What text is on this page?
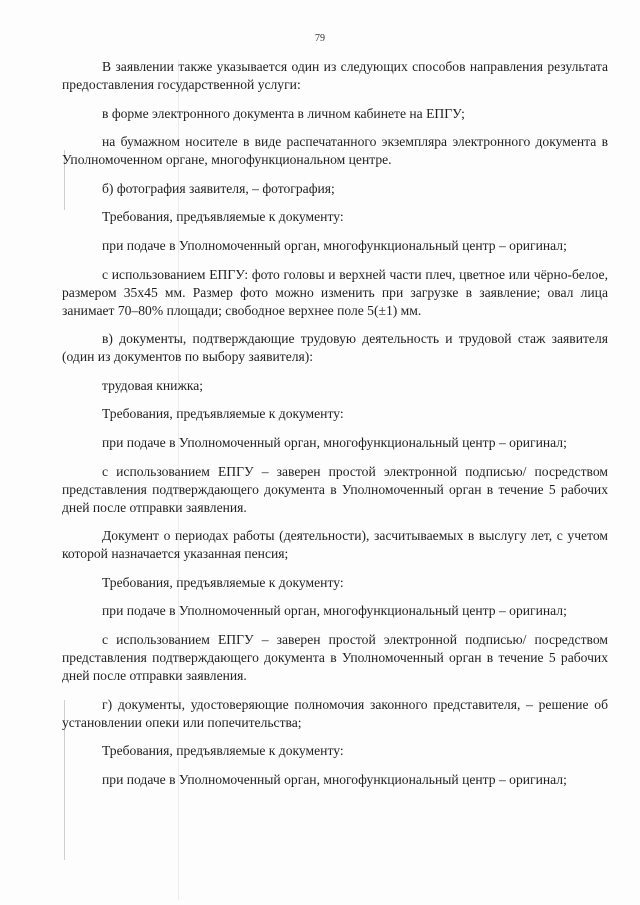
79

В заявлении также указывается один из следующих способов направления результата предоставления государственной услуги:

в форме электронного документа в личном кабинете на ЕПГУ;

на бумажном носителе в виде распечатанного экземпляра электронного документа в Уполномоченном органе, многофункциональном центре.

б) фотография заявителя, – фотография;

Требования, предъявляемые к документу:

при подаче в Уполномоченный орган, многофункциональный центр – оригинал;

с использованием ЕПГУ: фото головы и верхней части плеч, цветное или чёрно-белое, размером 35х45 мм. Размер фото можно изменить при загрузке в заявление; овал лица занимает 70–80% площади; свободное верхнее поле 5(±1) мм.

в) документы, подтверждающие трудовую деятельность и трудовой стаж заявителя (один из документов по выбору заявителя):

трудовая книжка;

Требования, предъявляемые к документу:

при подаче в Уполномоченный орган, многофункциональный центр – оригинал;

с использованием ЕПГУ – заверен простой электронной подписью/ посредством представления подтверждающего документа в Уполномоченный орган в течение 5 рабочих дней после отправки заявления.

Документ о периодах работы (деятельности), засчитываемых в выслугу лет, с учетом которой назначается указанная пенсия;

Требования, предъявляемые к документу:

при подаче в Уполномоченный орган, многофункциональный центр – оригинал;

с использованием ЕПГУ – заверен простой электронной подписью/ посредством представления подтверждающего документа в Уполномоченный орган в течение 5 рабочих дней после отправки заявления.

г) документы, удостоверяющие полномочия законного представителя, – решение об установлении опеки или попечительства;

Требования, предъявляемые к документу:

при подаче в Уполномоченный орган, многофункциональный центр – оригинал;
